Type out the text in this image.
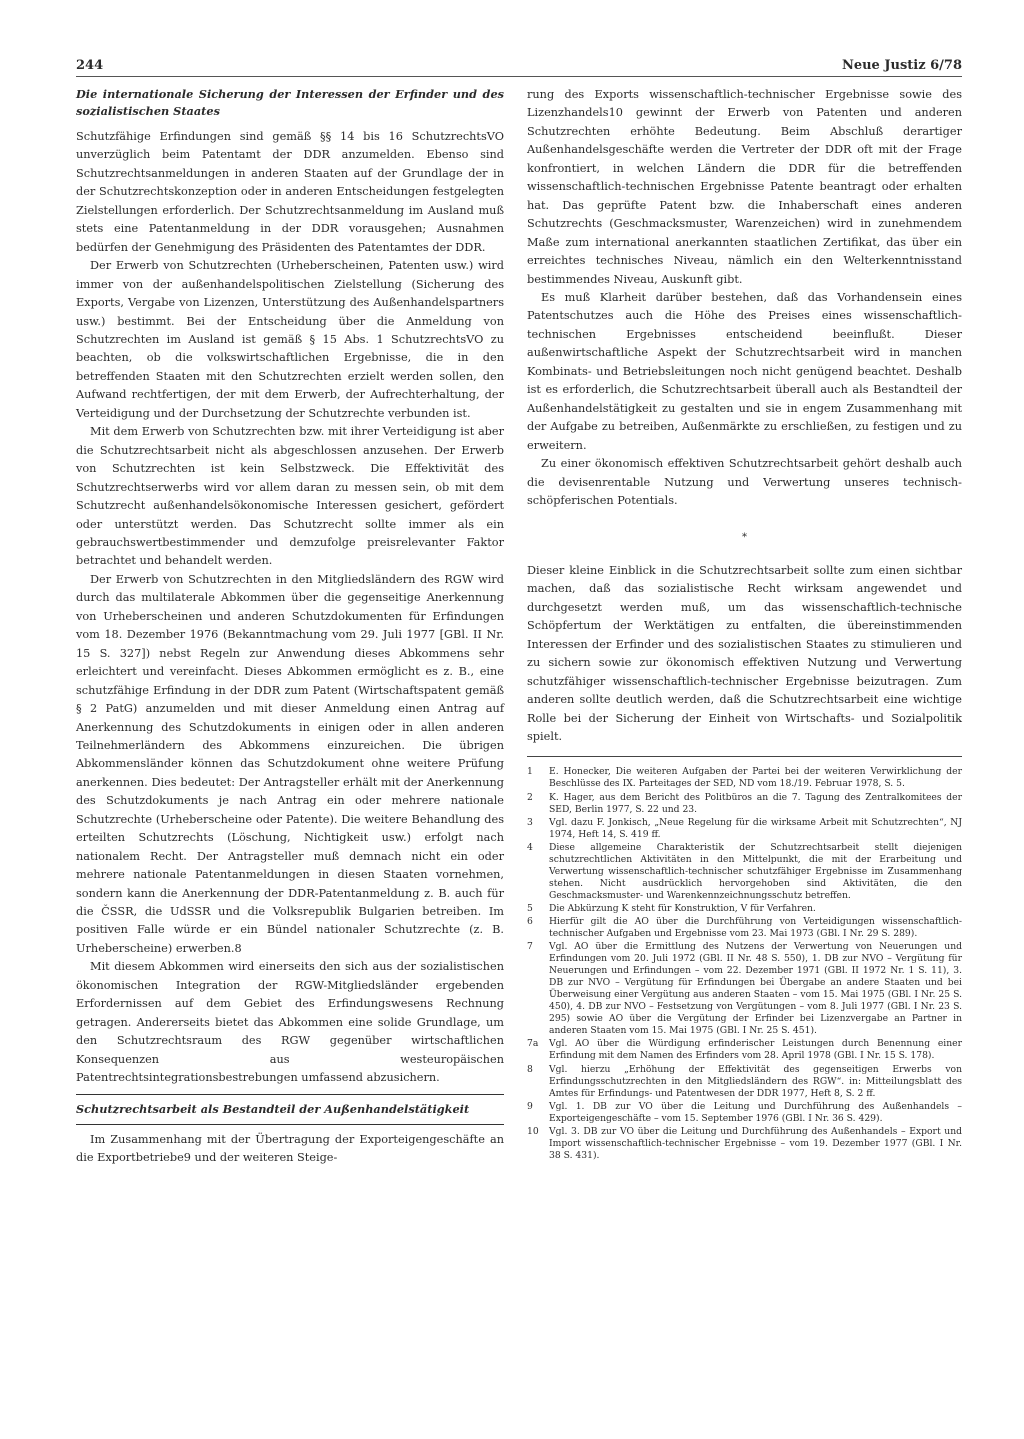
244	Neue Justiz 6/78
Die internationale Sicherung der Interessen der Erfinder und des sozialistischen Staates

Schutzfähige Erfindungen sind gemäß §§ 14 bis 16 SchutzrechtsVO unverzüglich beim Patentamt der DDR anzumelden. Ebenso sind Schutzrechtsanmeldungen in anderen Staaten auf der Grundlage der in der Schutzrechtskonzeption oder in anderen Entscheidungen festgelegten Zielstellungen erforderlich. Der Schutzrechtsanmeldung im Ausland muß stets eine Patentanmeldung in der DDR vorausgehen; Ausnahmen bedürfen der Genehmigung des Präsidenten des Patentamtes der DDR.

Der Erwerb von Schutzrechten (Urheberscheinen, Patenten usw.) wird immer von der außenhandelspolitischen Zielstellung (Sicherung des Exports, Vergabe von Lizenzen, Unterstützung des Außenhandelspartners usw.) bestimmt. Bei der Entscheidung über die Anmeldung von Schutzrechten im Ausland ist gemäß § 15 Abs. 1 SchutzrechtsVO zu beachten, ob die volkswirtschaftlichen Ergebnisse, die in den betreffenden Staaten mit den Schutzrechten erzielt werden sollen, den Aufwand rechtfertigen, der mit dem Erwerb, der Aufrechterhaltung, der Verteidigung und der Durchsetzung der Schutzrechte verbunden ist.

Mit dem Erwerb von Schutzrechten bzw. mit ihrer Verteidigung ist aber die Schutzrechtsarbeit nicht als abgeschlossen anzusehen. Der Erwerb von Schutzrechten ist kein Selbstzweck. Die Effektivität des Schutzrechtserwerbs wird vor allem daran zu messen sein, ob mit dem Schutzrecht außenhandelsökonomische Interessen gesichert, gefördert oder unterstützt werden. Das Schutzrecht sollte immer als ein gebrauchswertbestimmender und demzufolge preisrelevanter Faktor betrachtet und behandelt werden.

Der Erwerb von Schutzrechten in den Mitgliedsländern des RGW wird durch das multilaterale Abkommen über die gegenseitige Anerkennung von Urheberscheinen und anderen Schutzdokumenten für Erfindungen vom 18. Dezember 1976 (Bekanntmachung vom 29. Juli 1977 [GBl. II Nr. 15 S. 327]) nebst Regeln zur Anwendung dieses Abkommens sehr erleichtert und vereinfacht. Dieses Abkommen ermöglicht es z. B., eine schutzfähige Erfindung in der DDR zum Patent (Wirtschaftspatent gemäß § 2 PatG) anzumelden und mit dieser Anmeldung einen Antrag auf Anerkennung des Schutzdokuments in einigen oder in allen anderen Teilnehmerländern des Abkommens einzureichen. Die übrigen Abkommensländer können das Schutzdokument ohne weitere Prüfung anerkennen. Dies bedeutet: Der Antragsteller erhält mit der Anerkennung des Schutzdokuments je nach Antrag ein oder mehrere nationale Schutzrechte (Urheberscheine oder Patente). Die weitere Behandlung des erteilten Schutzrechts (Löschung, Nichtigkeit usw.) erfolgt nach nationalem Recht. Der Antragsteller muß demnach nicht ein oder mehrere nationale Patentanmeldungen in diesen Staaten vornehmen, sondern kann die Anerkennung der DDR-Patentanmeldung z. B. auch für die ČSSR, die UdSSR und die Volksrepublik Bulgarien betreiben. Im positiven Falle würde er ein Bündel nationaler Schutzrechte (z. B. Urheberscheine) erwerben.8

Mit diesem Abkommen wird einerseits den sich aus der sozialistischen ökonomischen Integration der RGW-Mitgliedsländer ergebenden Erfordernissen auf dem Gebiet des Erfindungswesens Rechnung getragen. Andererseits bietet das Abkommen eine solide Grundlage, um den Schutzrechtsraum des RGW gegenüber wirtschaftlichen Konsequenzen aus westeuropäischen Patentrechtsintegrationsbestrebungen umfassend abzusichern.

Schutzrechtsarbeit als Bestandteil der Außenhandelstätigkeit

Im Zusammenhang mit der Übertragung der Exporteigengeschäfte an die Exportbetriebe9 und der weiteren Steige-

rung des Exports wissenschaftlich-technischer Ergebnisse sowie des Lizenzhandels10 gewinnt der Erwerb von Patenten und anderen Schutzrechten erhöhte Bedeutung. Beim Abschluß derartiger Außenhandelsgeschäfte werden die Vertreter der DDR oft mit der Frage konfrontiert, in welchen Ländern die DDR für die betreffenden wissenschaftlich-technischen Ergebnisse Patente beantragt oder erhalten hat. Das geprüfte Patent bzw. die Inhaberschaft eines anderen Schutzrechts (Geschmacksmuster, Warenzeichen) wird in zunehmendem Maße zum international anerkannten staatlichen Zertifikat, das über ein erreichtes technisches Niveau, nämlich ein den Welterkenntnisstand bestimmendes Niveau, Auskunft gibt.

Es muß Klarheit darüber bestehen, daß das Vorhandensein eines Patentschutzes auch die Höhe des Preises eines wissenschaftlich-technischen Ergebnisses entscheidend beeinflußt. Dieser außenwirtschaftliche Aspekt der Schutzrechtsarbeit wird in manchen Kombinats- und Betriebsleitungen noch nicht genügend beachtet. Deshalb ist es erforderlich, die Schutzrechtsarbeit überall auch als Bestandteil der Außenhandelstätigkeit zu gestalten und sie in engem Zusammenhang mit der Aufgabe zu betreiben, Außenmärkte zu erschließen, zu festigen und zu erweitern.

Zu einer ökonomisch effektiven Schutzrechtsarbeit gehört deshalb auch die devisenrentable Nutzung und Verwertung unseres technisch-schöpferischen Potentials.

*

Dieser kleine Einblick in die Schutzrechtsarbeit sollte zum einen sichtbar machen, daß das sozialistische Recht wirksam angewendet und durchgesetzt werden muß, um das wissenschaftlich-technische Schöpfertum der Werktätigen zu entfalten, die übereinstimmenden Interessen der Erfinder und des sozialistischen Staates zu stimulieren und zu sichern sowie zur ökonomisch effektiven Nutzung und Verwertung schutzfähiger wissenschaftlich-technischer Ergebnisse beizutragen. Zum anderen sollte deutlich werden, daß die Schutzrechtsarbeit eine wichtige Rolle bei der Sicherung der Einheit von Wirtschafts- und Sozialpolitik spielt.

1	E. Honecker, Die weiteren Aufgaben der Partei bei der weiteren Verwirklichung der Beschlüsse des IX. Parteitages der SED, ND vom 18./19. Februar 1978, S. 5.
2	K. Hager, aus dem Bericht des Politbüros an die 7. Tagung des Zentralkomitees der SED, Berlin 1977, S. 22 und 23.
3	Vgl. dazu F. Jonkisch, „Neue Regelung für die wirksame Arbeit mit Schutzrechten“, NJ 1974, Heft 14, S. 419 ff.
4	Diese allgemeine Charakteristik der Schutzrechtsarbeit stellt diejenigen schutzrechtlichen Aktivitäten in den Mittelpunkt, die mit der Erarbeitung und Verwertung wissenschaftlich-technischer schutzfähiger Ergebnisse im Zusammenhang stehen. Nicht ausdrücklich hervorgehoben sind Aktivitäten, die den Geschmacksmuster- und Warenkennzeichnungsschutz betreffen.
5	Die Abkürzung K steht für Konstruktion, V für Verfahren.
6	Hierfür gilt die AO über die Durchführung von Verteidigungen wissenschaftlich-technischer Aufgaben und Ergebnisse vom 23. Mai 1973 (GBl. I Nr. 29 S. 289).
7	Vgl. AO über die Ermittlung des Nutzens der Verwertung von Neuerungen und Erfindungen vom 20. Juli 1972 (GBl. II Nr. 48 S. 550), 1. DB zur NVO – Vergütung für Neuerungen und Erfindungen – vom 22. Dezember 1971 (GBl. II 1972 Nr. 1 S. 11), 3. DB zur NVO – Vergütung für Erfindungen bei Übergabe an andere Staaten und bei Überweisung einer Vergütung aus anderen Staaten – vom 15. Mai 1975 (GBl. I Nr. 25 S. 450), 4. DB zur NVO – Festsetzung von Vergütungen – vom 8. Juli 1977 (GBl. I Nr. 23 S. 295) sowie AO über die Vergütung der Erfinder bei Lizenzvergabe an Partner in anderen Staaten vom 15. Mai 1975 (GBl. I Nr. 25 S. 451).
7a	Vgl. AO über die Würdigung erfinderischer Leistungen durch Benennung einer Erfindung mit dem Namen des Erfinders vom 28. April 1978 (GBl. I Nr. 15 S. 178).
8	Vgl. hierzu „Erhöhung der Effektivität des gegenseitigen Erwerbs von Erfindungsschutzrechten in den Mitgliedsländern des RGW“. in: Mitteilungsblatt des Amtes für Erfindungs- und Patentwesen der DDR 1977, Heft 8, S. 2 ff.
9	Vgl. 1. DB zur VO über die Leitung und Durchführung des Außenhandels – Exporteigengeschäfte – vom 15. September 1976 (GBl. I Nr. 36 S. 429).
10	Vgl. 3. DB zur VO über die Leitung und Durchführung des Außenhandels – Export und Import wissenschaftlich-technischer Ergebnisse – vom 19. Dezember 1977 (GBl. I Nr. 38 S. 431).
